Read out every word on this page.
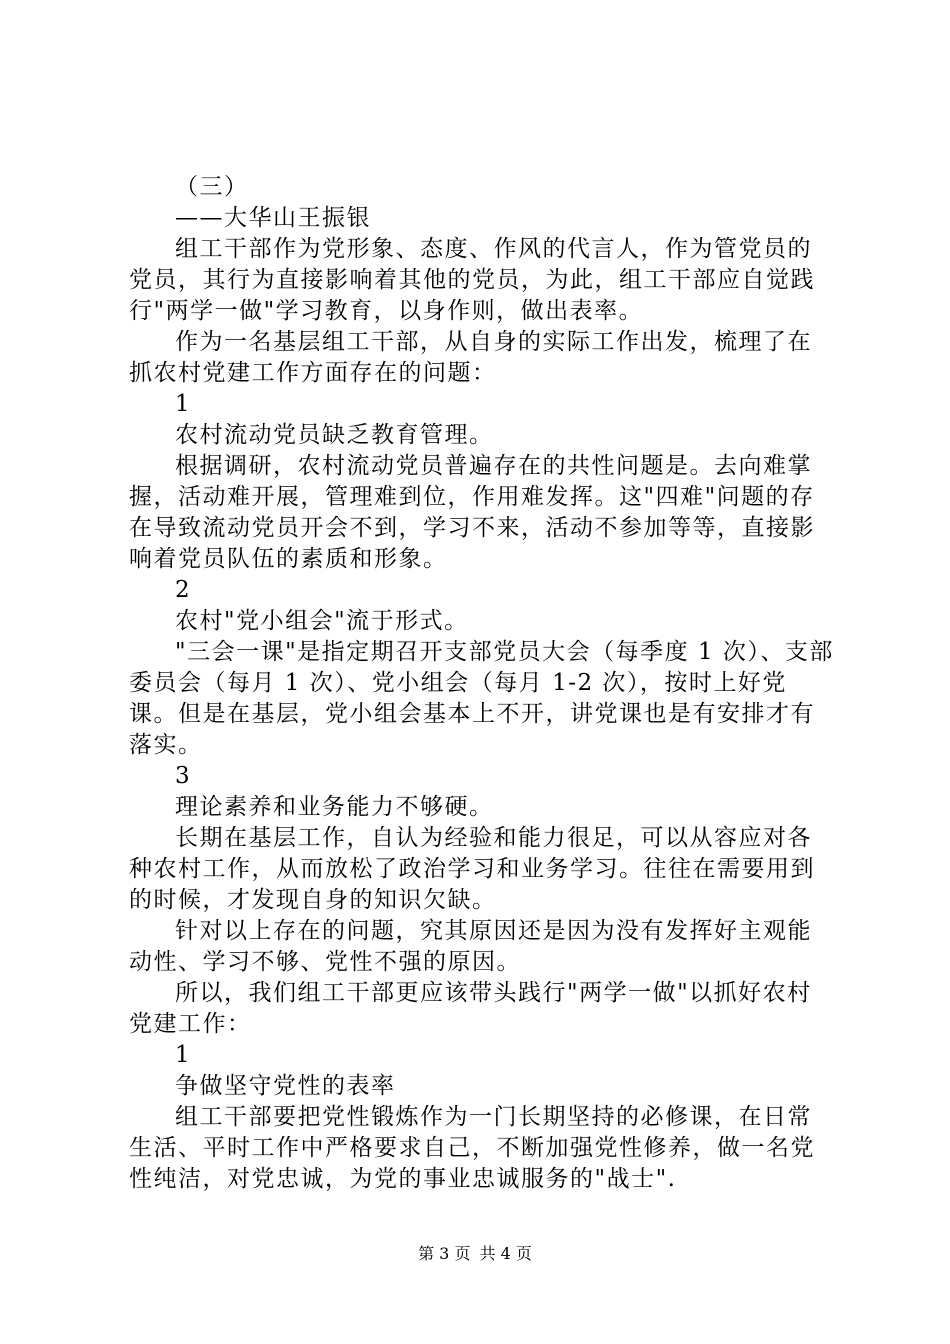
（三）

——大华山王振银

组工干部作为党形象、态度、作风的代言人，作为管党员的党员，其行为直接影响着其他的党员，为此，组工干部应自觉践行"两学一做"学习教育，以身作则，做出表率。

作为一名基层组工干部，从自身的实际工作出发，梳理了在抓农村党建工作方面存在的问题：

1

农村流动党员缺乏教育管理。

根据调研，农村流动党员普遍存在的共性问题是。去向难掌握，活动难开展，管理难到位，作用难发挥。这"四难"问题的存在导致流动党员开会不到，学习不来，活动不参加等等，直接影响着党员队伍的素质和形象。

2

农村"党小组会"流于形式。

"三会一课"是指定期召开支部党员大会（每季度 1 次）、支部委员会（每月 1 次）、党小组会（每月 1-2 次），按时上好党课。但是在基层，党小组会基本上不开，讲党课也是有安排才有落实。

3

理论素养和业务能力不够硬。

长期在基层工作，自认为经验和能力很足，可以从容应对各种农村工作，从而放松了政治学习和业务学习。往往在需要用到的时候，才发现自身的知识欠缺。

针对以上存在的问题，究其原因还是因为没有发挥好主观能动性、学习不够、党性不强的原因。

所以，我们组工干部更应该带头践行"两学一做"以抓好农村党建工作：

1

争做坚守党性的表率

组工干部要把党性锻炼作为一门长期坚持的必修课，在日常生活、平时工作中严格要求自己，不断加强党性修养，做一名党性纯洁，对党忠诚，为党的事业忠诚服务的"战士".

第 3 页 共 4 页
